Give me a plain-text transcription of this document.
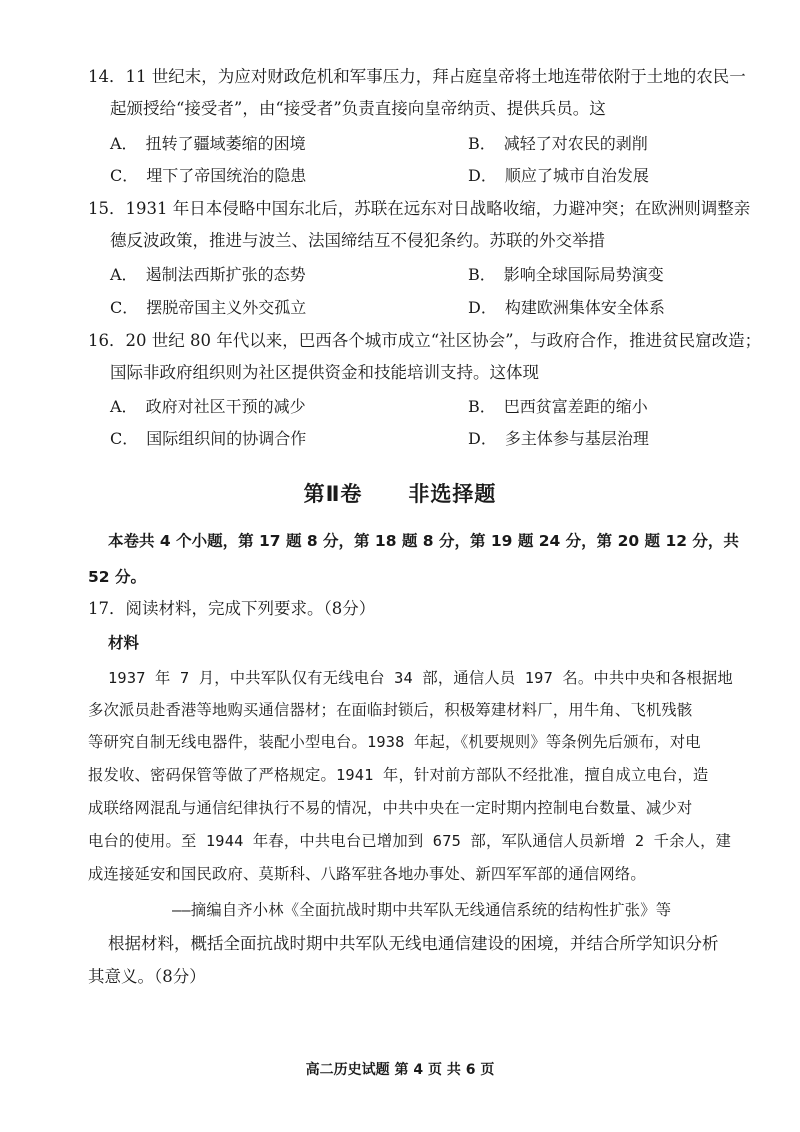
14．11 世纪末，为应对财政危机和军事压力，拜占庭皇帝将土地连带依附于土地的农民一
起颁授给“接受者”，由“接受者”负责直接向皇帝纳贡、提供兵员。这
A． 扭转了疆域萎缩的困境	B． 减轻了对农民的剥削
C． 埋下了帝国统治的隐患	D． 顺应了城市自治发展
15．1931 年日本侵略中国东北后，苏联在远东对日战略收缩，力避冲突；在欧洲则调整亲
德反波政策，推进与波兰、法国缔结互不侵犯条约。苏联的外交举措
A． 遏制法西斯扩张的态势	B． 影响全球国际局势演变
C． 摆脱帝国主义外交孤立	D． 构建欧洲集体安全体系
16．20 世纪 80 年代以来，巴西各个城市成立“社区协会”，与政府合作，推进贫民窟改造；
国际非政府组织则为社区提供资金和技能培训支持。这体现
A． 政府对社区干预的减少	B． 巴西贫富差距的缩小
C． 国际组织间的协调合作	D． 多主体参与基层治理
第Ⅱ卷 非选择题
本卷共 4 个小题，第 17 题 8 分，第 18 题 8 分，第 19 题 24 分，第 20 题 12 分，共
52 分。
17．阅读材料，完成下列要求。（8分）
材料
1937 年 7 月，中共军队仅有无线电台 34 部，通信人员 197 名。中共中央和各根据地
多次派员赴香港等地购买通信器材；在面临封锁后，积极筹建材料厂，用牛角、飞机残骸
等研究自制无线电器件，装配小型电台。1938 年起，《机要规则》等条例先后颁布，对电
报发收、密码保管等做了严格规定。1941 年，针对前方部队不经批准，擅自成立电台，造
成联络网混乱与通信纪律执行不易的情况，中共中央在一定时期内控制电台数量、减少对
电台的使用。至 1944 年春，中共电台已增加到 675 部，军队通信人员新增 2 千余人，建
成连接延安和国民政府、莫斯科、八路军驻各地办事处、新四军军部的通信网络。
——摘编自齐小林《全面抗战时期中共军队无线通信系统的结构性扩张》等
根据材料，概括全面抗战时期中共军队无线电通信建设的困境，并结合所学知识分析
其意义。（8分）
高二历史试题 第 4 页 共 6 页
